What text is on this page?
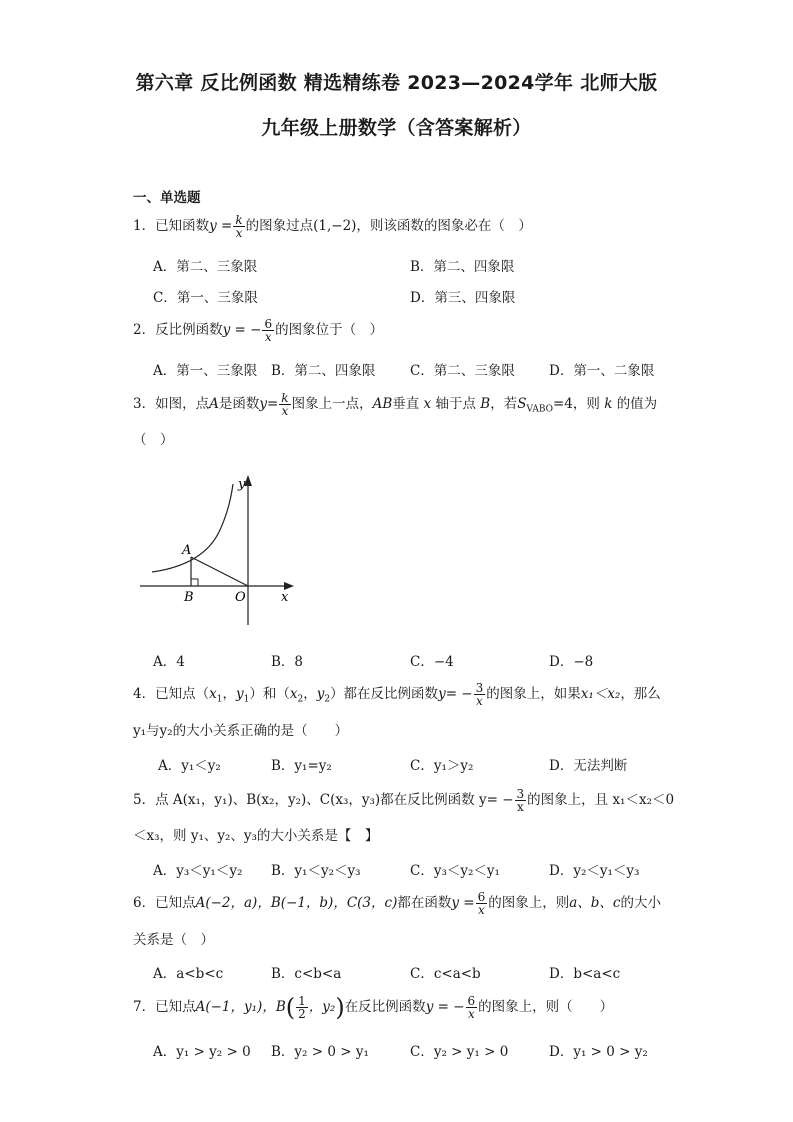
第六章 反比例函数 精选精练卷 2023—2024学年 北师大版
九年级上册数学（含答案解析）
一、单选题
1．已知函数$y = \frac{k}{x}$ 的图象过点(1,−2)，则该函数的图象必在（　）
A．第二、三象限	B．第二、四象限
C．第一、三象限	D．第三、四象限
2．反比例函数y = − $\frac{6}{x}$ 的图象位于（　）
A．第一、三象限 B．第二、四象限	C．第二、三象限	D．第一、二象限
3．如图，点A是函数$y= \frac{k}{x}$ 图象上一点，AB垂直 x 轴于点 B，若$S_{VABO}=4$，则 k 的值为
（　）
y
A
B	O	x
A．4	B．8	C．−4	D．−8
4．已知点（$x_1$，$y_1$）和（$x_2$，$y_2$）都在反比例函数$y= - \frac{3}{x}$ 的图象上，如果x₁＜x₂，那么
y₁与y₂的大小关系正确的是（　　）
A．y₁＜y₂	B．y₁=y₂	C．y₁＞y₂	D．无法判断
5．点 A(x₁，y₁)、B(x₂，y₂)、C(x₃，y₃)都在反比例函数 $y= - \frac{3}{x}$ 的图象上，且 x₁＜x₂＜0
＜x₃，则 y₁、y₂、y₃的大小关系是【　】
A．y₃＜y₁＜y₂ B．y₁＜y₂＜y₃	C．y₃＜y₂＜y₁	D．y₂＜y₁＜y₃
6．已知点A(−2，a)，B(−1，b)，C(3，c)都在函数$y = \frac{6}{x}$ 的图象上，则a、b、c的大小
关系是（　）
A．a<b<c	B．c<b<a	C．c<a<b	D．b<a<c
7．已知点A(−1，y₁)，$B( \frac{1}{2}$ ，y₂)在反比例函数y = − $\frac{6}{x}$ 的图象上，则（　　）
A．y₁ > y₂ > 0 B．y₂ > 0 > y₁	C．y₂ > y₁ > 0	D．y₁ > 0 > y₂
